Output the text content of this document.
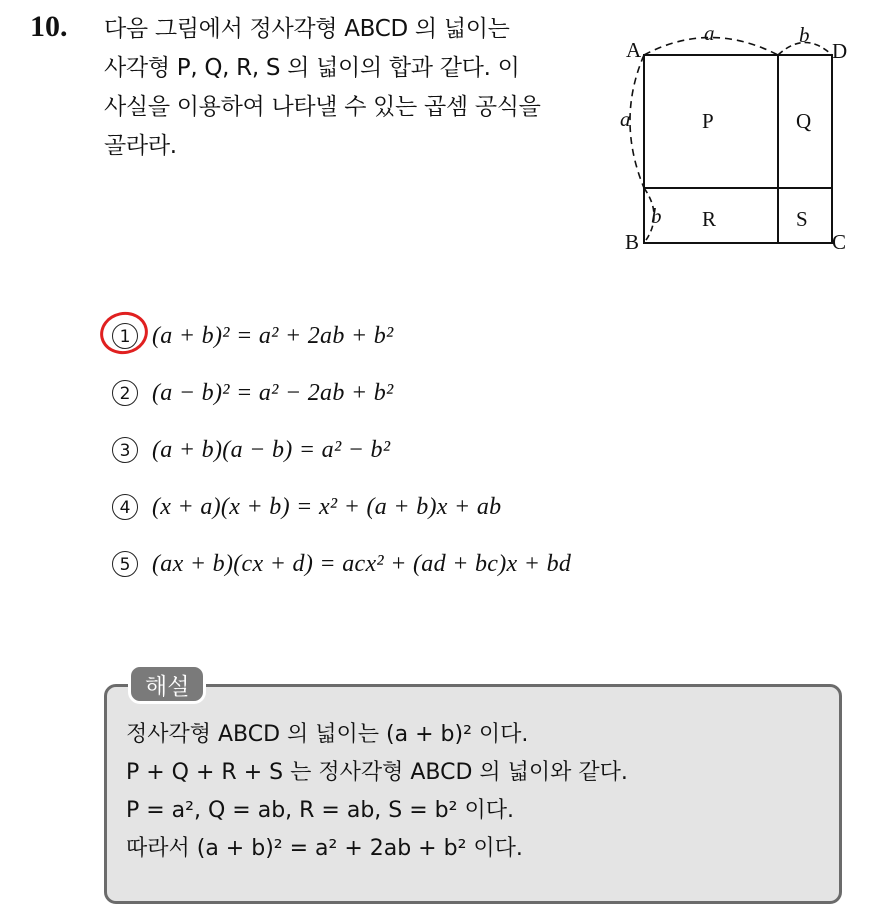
10. 다음 그림에서 정사각형 ABCD 의 넓이는
사각형 P, Q, R, S 의 넓이의 합과 같다. 이
사실을 이용하여 나타낼 수 있는 곱셈 공식을
골라라.
a	b
a
b
A
B	C
D
P	Q
R	S
1 (a + b)² = a² + 2ab + b²
2 (a − b)² = a² − 2ab + b²
3 (a + b)(a − b) = a² − b²
4 (x + a)(x + b) = x² + (a + b)x + ab
5 (ax + b)(cx + d) = acx² + (ad + bc)x + bd
해설
정사각형 ABCD 의 넓이는 (a + b)² 이다.
P + Q + R + S 는 정사각형 ABCD 의 넓이와 같다.
P = a², Q = ab, R = ab, S = b² 이다.
따라서 (a + b)² = a² + 2ab + b² 이다.
